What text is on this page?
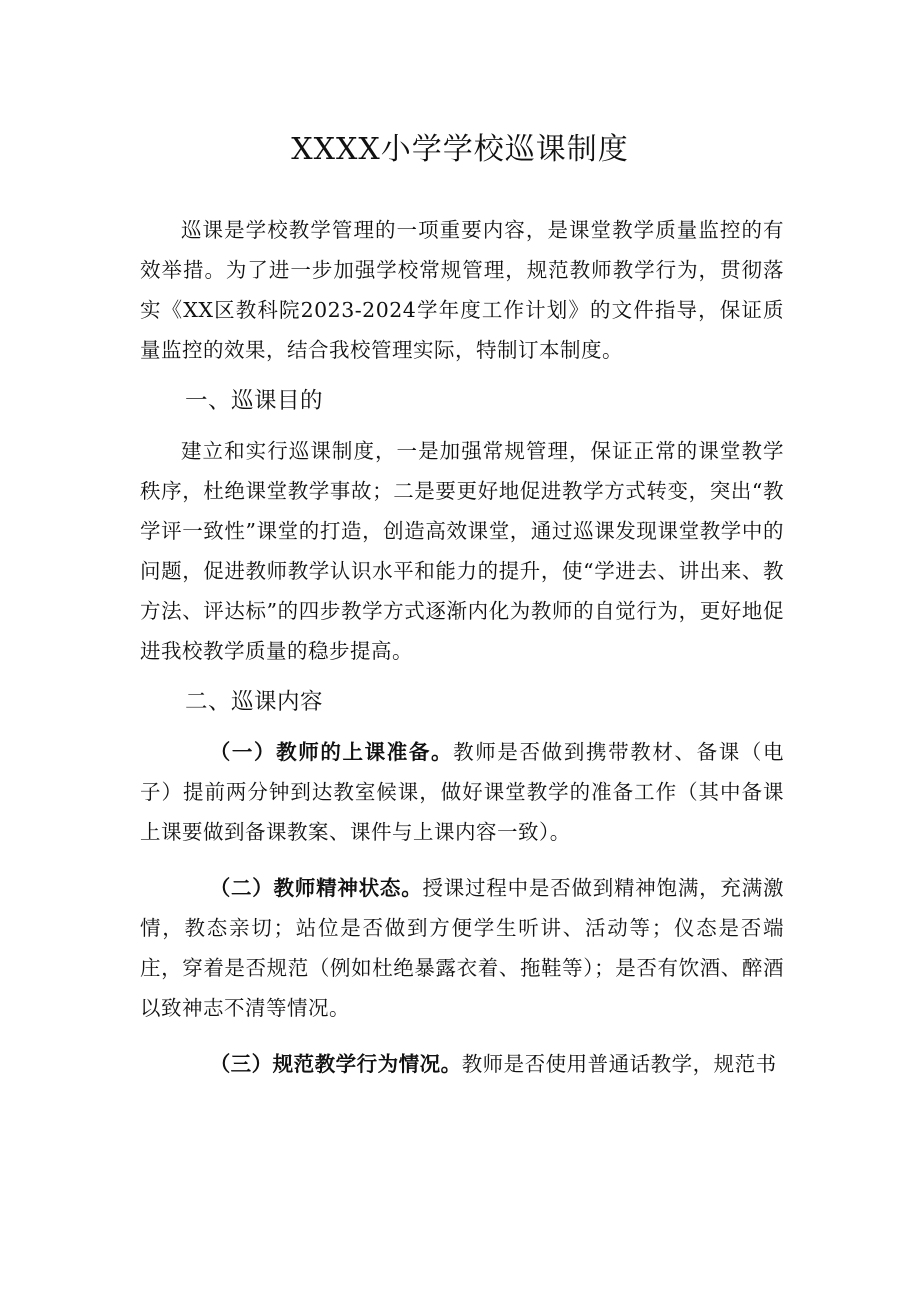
XXXX小学学校巡课制度

巡课是学校教学管理的一项重要内容，是课堂教学质量监控的有效举措。为了进一步加强学校常规管理，规范教师教学行为，贯彻落实《XX区教科院2023-2024学年度工作计划》的文件指导，保证质量监控的效果，结合我校管理实际，特制订本制度。

一、巡课目的

建立和实行巡课制度，一是加强常规管理，保证正常的课堂教学秩序，杜绝课堂教学事故；二是要更好地促进教学方式转变，突出“教学评一致性”课堂的打造，创造高效课堂，通过巡课发现课堂教学中的问题，促进教师教学认识水平和能力的提升，使“学进去、讲出来、教方法、评达标”的四步教学方式逐渐内化为教师的自觉行为，更好地促进我校教学质量的稳步提高。

二、巡课内容

（一）教师的上课准备。教师是否做到携带教材、备课（电子）提前两分钟到达教室候课，做好课堂教学的准备工作（其中备课上课要做到备课教案、课件与上课内容一致）。

（二）教师精神状态。授课过程中是否做到精神饱满，充满激情，教态亲切；站位是否做到方便学生听讲、活动等；仪态是否端庄，穿着是否规范（例如杜绝暴露衣着、拖鞋等）；是否有饮酒、醉酒以致神志不清等情况。

（三）规范教学行为情况。教师是否使用普通话教学，规范书
